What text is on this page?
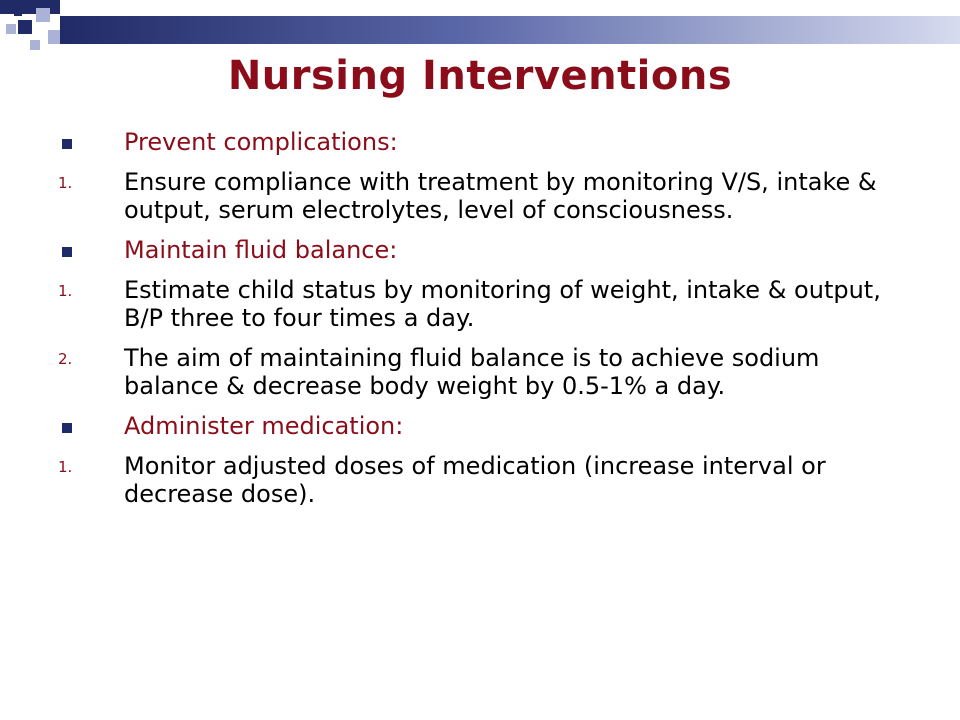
Nursing Interventions
Prevent complications:
1. Ensure compliance with treatment by monitoring V/S, intake & output, serum electrolytes, level of consciousness.
Maintain fluid balance:
1. Estimate child status by monitoring of weight, intake & output, B/P three to four times a day.
2. The aim of maintaining fluid balance is to achieve sodium balance & decrease body weight by 0.5-1% a day.
Administer medication:
1. Monitor adjusted doses of medication (increase interval or decrease dose).
